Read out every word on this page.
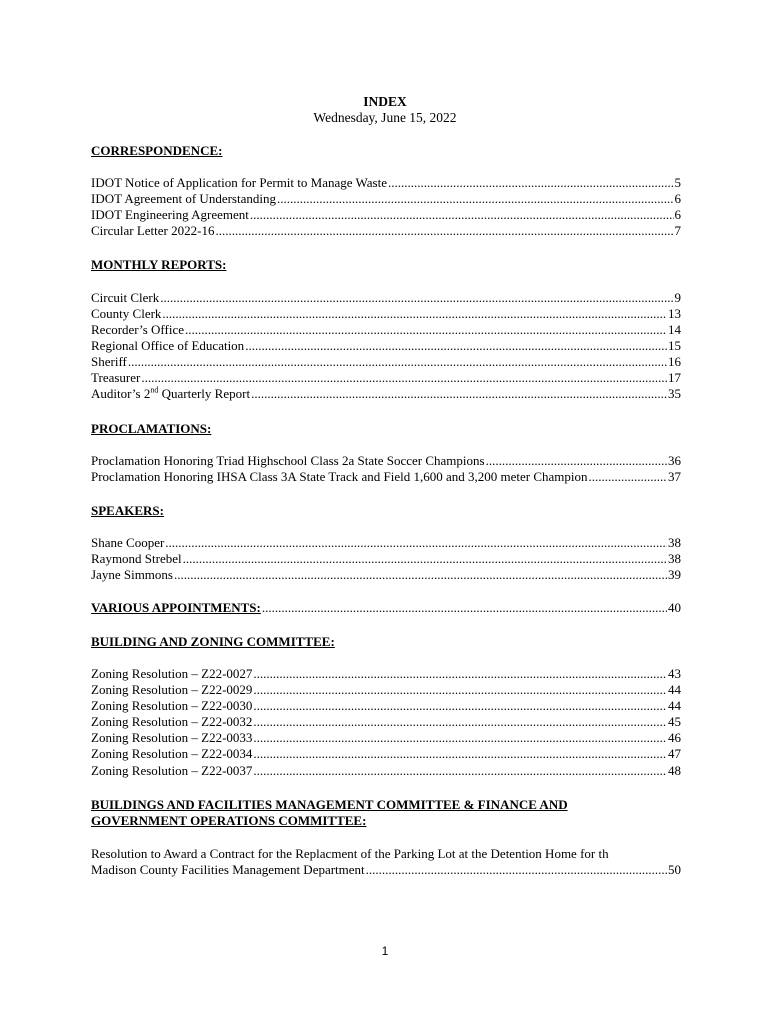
INDEX
Wednesday, June 15, 2022
CORRESPONDENCE:
IDOT Notice of Application for Permit to Manage Waste .....	5
IDOT Agreement of Understanding .....	6
IDOT Engineering Agreement .....	6
Circular Letter 2022-16 .....	7
MONTHLY REPORTS:
Circuit Clerk .....	9
County Clerk .....	13
Recorder’s Office .....	14
Regional Office of Education .....	15
Sheriff .....	16
Treasurer .....	17
Auditor’s 2nd Quarterly Report .....	35
PROCLAMATIONS:
Proclamation Honoring Triad Highschool Class 2a State Soccer Champions .....	36
Proclamation Honoring IHSA Class 3A State Track and Field 1,600 and 3,200 meter Champion .....	37
SPEAKERS:
Shane Cooper .....	38
Raymond Strebel .....	38
Jayne Simmons .....	39
VARIOUS APPOINTMENTS: .....	40
BUILDING AND ZONING COMMITTEE:
Zoning Resolution – Z22-0027 .....	43
Zoning Resolution – Z22-0029 .....	44
Zoning Resolution – Z22-0030 .....	44
Zoning Resolution – Z22-0032 .....	45
Zoning Resolution – Z22-0033 .....	46
Zoning Resolution – Z22-0034 .....	47
Zoning Resolution – Z22-0037 .....	48
BUILDINGS AND FACILITIES MANAGEMENT COMMITTEE & FINANCE AND
GOVERNMENT OPERATIONS COMMITTEE:
Resolution to Award a Contract for the Replacment of the Parking Lot at the Detention Home for th
Madison County Facilities Management Department .....	50
1
